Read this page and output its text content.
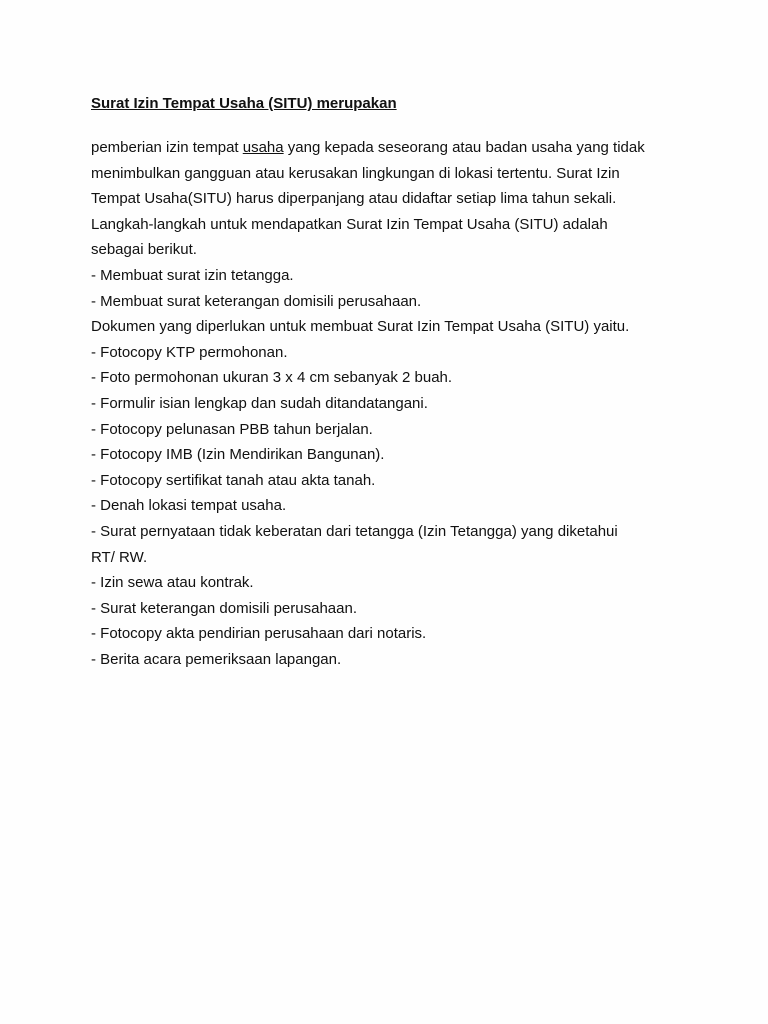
Surat Izin Tempat Usaha (SITU) merupakan

pemberian izin tempat usaha yang kepada seseorang atau badan usaha yang tidak

menimbulkan gangguan atau kerusakan lingkungan di lokasi tertentu. Surat Izin

Tempat Usaha(SITU) harus diperpanjang atau didaftar setiap lima tahun sekali.

Langkah-langkah untuk mendapatkan Surat Izin Tempat Usaha (SITU) adalah

sebagai berikut.

- Membuat surat izin tetangga.

- Membuat surat keterangan domisili perusahaan.

Dokumen yang diperlukan untuk membuat Surat Izin Tempat Usaha (SITU) yaitu.

- Fotocopy KTP permohonan.

- Foto permohonan ukuran 3 x 4 cm sebanyak 2 buah.

- Formulir isian lengkap dan sudah ditandatangani.

- Fotocopy pelunasan PBB tahun berjalan.

- Fotocopy IMB (Izin Mendirikan Bangunan).

- Fotocopy sertifikat tanah atau akta tanah.

- Denah lokasi tempat usaha.

- Surat pernyataan tidak keberatan dari tetangga (Izin Tetangga) yang diketahui

RT/ RW.

- Izin sewa atau kontrak.

- Surat keterangan domisili perusahaan.

- Fotocopy akta pendirian perusahaan dari notaris.

- Berita acara pemeriksaan lapangan.
